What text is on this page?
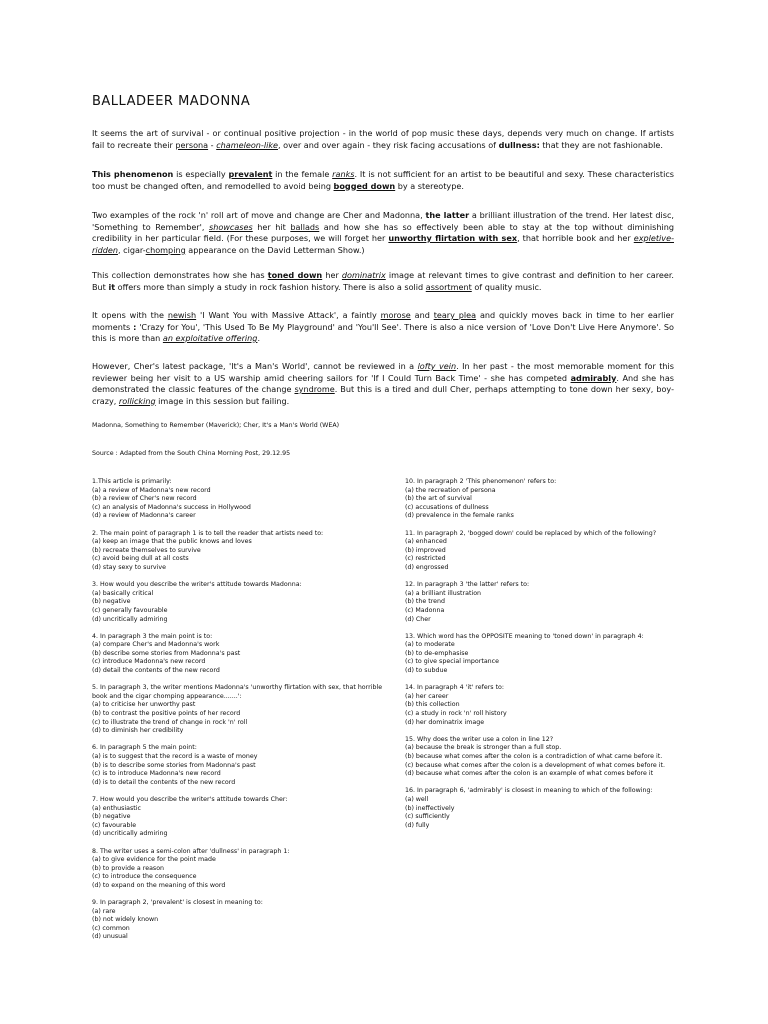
BALLADEER MADONNA
It seems the art of survival - or continual positive projection - in the world of pop music these days, depends very much on change. If artists fail to recreate their persona - chameleon-like, over and over again - they risk facing accusations of dullness: that they are not fashionable.
This phenomenon is especially prevalent in the female ranks. It is not sufficient for an artist to be beautiful and sexy. These characteristics too must be changed often, and remodelled to avoid being bogged down by a stereotype.
Two examples of the rock 'n' roll art of move and change are Cher and Madonna, the latter a brilliant illustration of the trend. Her latest disc, 'Something to Remember', showcases her hit ballads and how she has so effectively been able to stay at the top without diminishing credibility in her particular field. (For these purposes, we will forget her unworthy flirtation with sex, that horrible book and her expletive-ridden, cigar-chomping appearance on the David Letterman Show.)
This collection demonstrates how she has toned down her dominatrix image at relevant times to give contrast and definition to her career. But it offers more than simply a study in rock fashion history. There is also a solid assortment of quality music.
It opens with the newish 'I Want You with Massive Attack', a faintly morose and teary plea and quickly moves back in time to her earlier moments : 'Crazy for You', 'This Used To Be My Playground' and 'You'll See'. There is also a nice version of 'Love Don't Live Here Anymore'. So this is more than an exploitative offering.
However, Cher's latest package, 'It's a Man's World', cannot be reviewed in a lofty vein. In her past - the most memorable moment for this reviewer being her visit to a US warship amid cheering sailors for 'If I Could Turn Back Time' - she has competed admirably. And she has demonstrated the classic features of the change syndrome. But this is a tired and dull Cher, perhaps attempting to tone down her sexy, boy-crazy, rollicking image in this session but failing.
Madonna, Something to Remember (Maverick); Cher, It's a Man's World (WEA)
Source : Adapted from the South China Morning Post, 29.12.95
1.This article is primarily:
(a) a review of Madonna's new record
(b) a review of Cher's new record
(c) an analysis of Madonna's success in Hollywood
(d) a review of Madonna's career
2. The main point of paragraph 1 is to tell the reader that artists need to:
(a) keep an image that the public knows and loves
(b) recreate themselves to survive
(c) avoid being dull at all costs
(d) stay sexy to survive
3. How would you describe the writer's attitude towards Madonna:
(a) basically critical
(b) negative
(c) generally favourable
(d) uncritically admiring
4. In paragraph 3 the main point is to:
(a) compare Cher's and Madonna's work
(b) describe some stories from Madonna's past
(c) introduce Madonna's new record
(d) detail the contents of the new record
5. In paragraph 3, the writer mentions Madonna's 'unworthy flirtation with sex, that horrible book and the cigar chomping appearance.......':
(a) to criticise her unworthy past
(b) to contrast the positive points of her record
(c) to illustrate the trend of change in rock 'n' roll
(d) to diminish her credibility
6. In paragraph 5 the main point:
(a) is to suggest that the record is a waste of money
(b) is to describe some stories from Madonna's past
(c) is to introduce Madonna's new record
(d) is to detail the contents of the new record
7. How would you describe the writer's attitude towards Cher:
(a) enthusiastic
(b) negative
(c) favourable
(d) uncritically admiring
8. The writer uses a semi-colon after 'dullness' in paragraph 1:
(a) to give evidence for the point made
(b) to provide a reason
(c) to introduce the consequence
(d) to expand on the meaning of this word
9. In paragraph 2, 'prevalent' is closest in meaning to:
(a) rare
(b) not widely known
(c) common
(d) unusual
10. In paragraph 2 'This phenomenon' refers to:
(a) the recreation of persona
(b) the art of survival
(c) accusations of dullness
(d) prevalence in the female ranks
11. In paragraph 2, 'bogged down' could be replaced by which of the following?
(a) enhanced
(b) improved
(c) restricted
(d) engrossed
12. In paragraph 3 'the latter' refers to:
(a) a brilliant illustration
(b) the trend
(c) Madonna
(d) Cher
13. Which word has the OPPOSITE meaning to 'toned down' in paragraph 4:
(a) to moderate
(b) to de-emphasise
(c) to give special importance
(d) to subdue
14. In paragraph 4 'it' refers to:
(a) her career
(b) this collection
(c) a study in rock 'n' roll history
(d) her dominatrix image
15. Why does the writer use a colon in line 12?
(a) because the break is stronger than a full stop.
(b) because what comes after the colon is a contradiction of what came before it.
(c) because what comes after the colon is a development of what comes before it.
(d) because what comes after the colon is an example of what comes before it
16. In paragraph 6, 'admirably' is closest in meaning to which of the following:
(a) well
(b) ineffectively
(c) sufficiently
(d) fully
